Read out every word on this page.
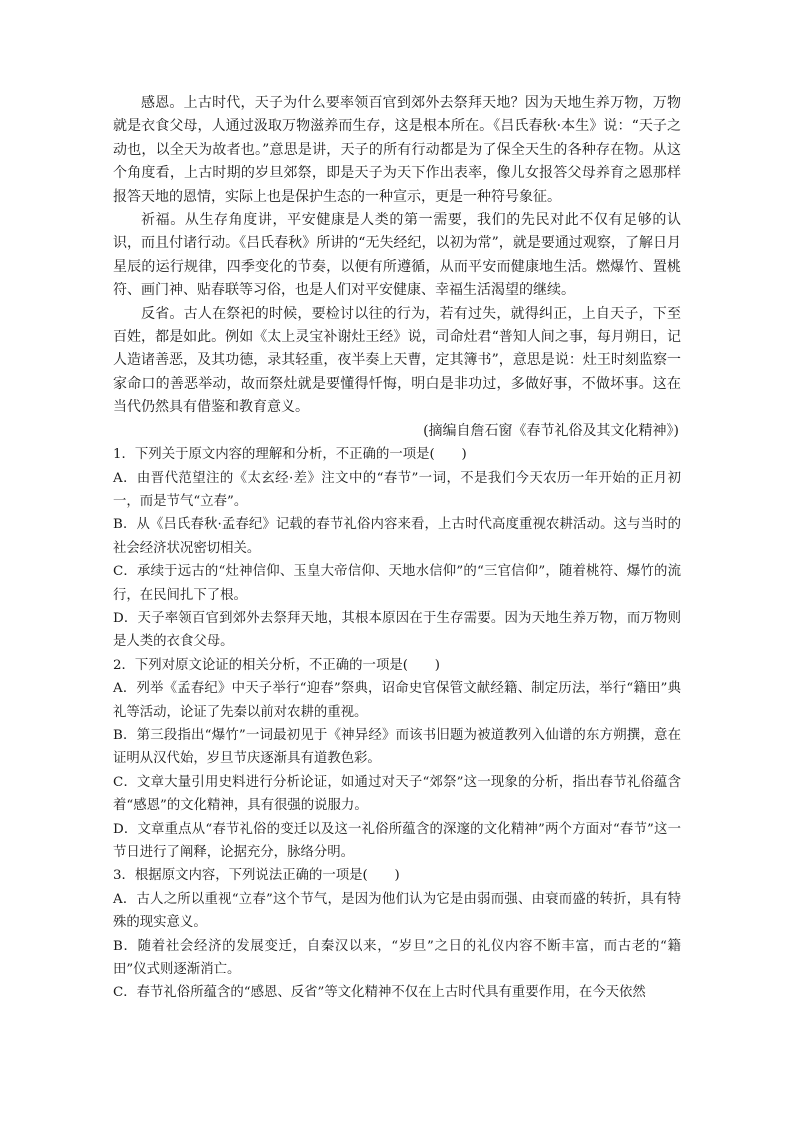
感恩。上古时代，天子为什么要率领百官到郊外去祭拜天地？因为天地生养万物，万物就是衣食父母，人通过汲取万物滋养而生存，这是根本所在。《吕氏春秋·本生》说：“天子之动也，以全天为故者也。”意思是讲，天子的所有行动都是为了保全天生的各种存在物。从这个角度看，上古时期的岁旦郊祭，即是天子为天下作出表率，像儿女报答父母养育之恩那样报答天地的恩情，实际上也是保护生态的一种宣示，更是一种符号象征。

祈福。从生存角度讲，平安健康是人类的第一需要，我们的先民对此不仅有足够的认识，而且付诸行动。《吕氏春秋》所讲的“无失经纪，以初为常”，就是要通过观察，了解日月星辰的运行规律，四季变化的节奏，以便有所遵循，从而平安而健康地生活。燃爆竹、置桃符、画门神、贴春联等习俗，也是人们对平安健康、幸福生活渴望的继续。

反省。古人在祭祀的时候，要检讨以往的行为，若有过失，就得纠正，上自天子，下至百姓，都是如此。例如《太上灵宝补谢灶王经》说，司命灶君“普知人间之事，每月朔日，记人造诸善恶，及其功德，录其轻重，夜半奏上天曹，定其簿书”，意思是说：灶王时刻监察一家命口的善恶举动，故而祭灶就是要懂得忏悔，明白是非功过，多做好事，不做坏事。这在当代仍然具有借鉴和教育意义。

(摘编自詹石窗《春节礼俗及其文化精神》)

1．下列关于原文内容的理解和分析，不正确的一项是(　　)

A．由晋代范望注的《太玄经·差》注文中的“春节”一词，不是我们今天农历一年开始的正月初一，而是节气“立春”。

B．从《吕氏春秋·孟春纪》记载的春节礼俗内容来看，上古时代高度重视农耕活动。这与当时的社会经济状况密切相关。

C．承续于远古的“灶神信仰、玉皇大帝信仰、天地水信仰”的“三官信仰”，随着桃符、爆竹的流行，在民间扎下了根。

D．天子率领百官到郊外去祭拜天地，其根本原因在于生存需要。因为天地生养万物，而万物则是人类的衣食父母。

2．下列对原文论证的相关分析，不正确的一项是(　　)

A．列举《孟春纪》中天子举行“迎春”祭典，诏命史官保管文献经籍、制定历法，举行“籍田”典礼等活动，论证了先秦以前对农耕的重视。

B．第三段指出“爆竹”一词最初见于《神异经》而该书旧题为被道教列入仙谱的东方朔撰，意在证明从汉代始，岁旦节庆逐渐具有道教色彩。

C．文章大量引用史料进行分析论证，如通过对天子“郊祭”这一现象的分析，指出春节礼俗蕴含着“感恩”的文化精神，具有很强的说服力。

D．文章重点从“春节礼俗的变迁以及这一礼俗所蕴含的深邃的文化精神”两个方面对“春节”这一节日进行了阐释，论据充分，脉络分明。

3．根据原文内容，下列说法正确的一项是(　　)

A．古人之所以重视“立春”这个节气，是因为他们认为它是由弱而强、由衰而盛的转折，具有特殊的现实意义。

B．随着社会经济的发展变迁，自秦汉以来，“岁旦”之日的礼仪内容不断丰富，而古老的“籍田”仪式则逐渐消亡。

C．春节礼俗所蕴含的“感恩、反省”等文化精神不仅在上古时代具有重要作用，在今天依然
